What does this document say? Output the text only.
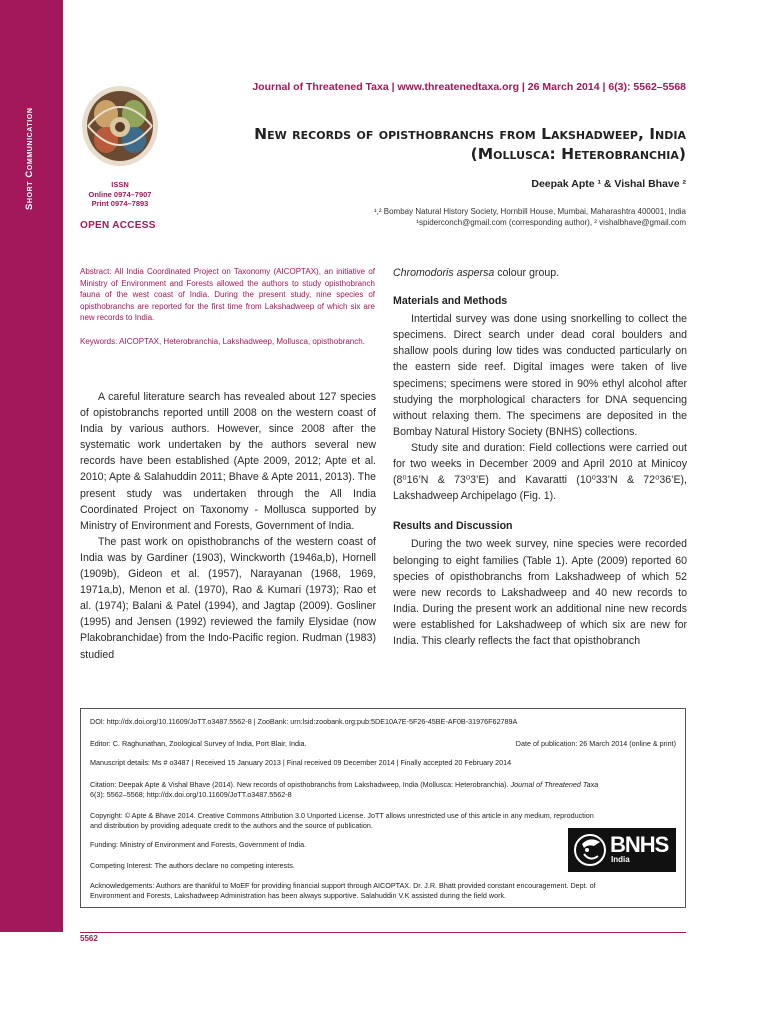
Short Communication	ISSN
Online 0974–7907
Print 0974–7893
OPEN ACCESS
Journal of Threatened Taxa | www.threatenedtaxa.org | 26 March 2014 | 6(3): 5562–5568
New records of opisthobranchs from Lakshadweep, India
(Mollusca: Heterobranchia)
Deepak Apte ¹ & Vishal Bhave ²
¹,² Bombay Natural History Society, Hornbill House, Mumbai, Maharashtra 400001, India
¹spiderconch@gmail.com (corresponding author), ² vishalbhave@gmail.com
Abstract: All India Coordinated Project on Taxonomy (AICOPTAX), an initiative of Ministry of Environment and Forests allowed the authors to study opisthobranch fauna of the west coast of India. During the present study, nine species of opisthobranchs are reported for the first time from Lakshadweep of which six are new records to India.
Keywords: AICOPTAX, Heterobranchia, Lakshadweep, Mollusca, opisthobranch.

A careful literature search has revealed about 127 species of opistobranchs reported untill 2008 on the western coast of India by various authors. However, since 2008 after the systematic work undertaken by the authors several new records have been established (Apte 2009, 2012; Apte et al. 2010; Apte & Salahuddin 2011; Bhave & Apte 2011, 2013). The present study was undertaken through the All India Coordinated Project on Taxonomy - Mollusca supported by Ministry of Environment and Forests, Government of India.

The past work on opisthobranchs of the western coast of India was by Gardiner (1903), Winckworth (1946a,b), Hornell (1909b), Gideon et al. (1957), Narayanan (1968, 1969, 1971a,b), Menon et al. (1970), Rao & Kumari (1973); Rao et al. (1974); Balani & Patel (1994), and Jagtap (2009). Gosliner (1995) and Jensen (1992) reviewed the family Elysidae (now Plakobranchidae) from the Indo-Pacific region. Rudman (1983) studied

Chromodoris aspersa colour group.

Materials and Methods

Intertidal survey was done using snorkelling to collect the specimens. Direct search under dead coral boulders and shallow pools during low tides was conducted particularly on the eastern side reef. Digital images were taken of live specimens; specimens were stored in 90% ethyl alcohol after studying the morphological characters for DNA sequencing without relaxing them. The specimens are deposited in the Bombay Natural History Society (BNHS) collections.

Study site and duration: Field collections were carried out for two weeks in December 2009 and April 2010 at Minicoy (8⁰16’N & 73⁰3’E) and Kavaratti (10⁰33’N & 72⁰36’E), Lakshadweep Archipelago (Fig. 1).

Results and Discussion

During the two week survey, nine species were recorded belonging to eight families (Table 1). Apte (2009) reported 60 species of opisthobranchs from Lakshadweep of which 52 were new records to Lakshadweep and 40 new records to India. During the present work an additional nine new records were established for Lakshadweep of which six are new for India. This clearly reflects the fact that opisthobranch

DOI: http://dx.doi.org/10.11609/JoTT.o3487.5562-8 | ZooBank: urn:lsid:zoobank.org:pub:5DE10A7E-5F26-45BE-AF0B-31976F62789A
Editor: C. Raghunathan, Zoological Survey of India, Port Blair, India.	Date of publication: 26 March 2014 (online & print)
Manuscript details: Ms # o3487 | Received 15 January 2013 | Final received 09 December 2014 | Finally accepted 20 February 2014
Citation: Deepak Apte & Vishal Bhave (2014). New records of opisthobranchs from Lakshadweep, India (Mollusca: Heterobranchia). Journal of Threatened Taxa
6(3): 5562–5568; http://dx.doi.org/10.11609/JoTT.o3487.5562-8
Copyright: © Apte & Bhave 2014. Creative Commons Attribution 3.0 Unported License. JoTT allows unrestricted use of this article in any medium, reproduction
and distribution by providing adequate credit to the authors and the source of publication.
Funding: Ministry of Environment and Forests, Government of India.
Competing Interest: The authors declare no competing interests.
Acknowledgements: Authors are thankful to MoEF for providing financial support through AICOPTAX. Dr. J.R. Bhatt provided constant encouragement. Dept. of
Environment and Forests, Lakshadweep Administration has been always supportive. Salahuddin V.K assisted during the field work.
BNHS
India
5562
